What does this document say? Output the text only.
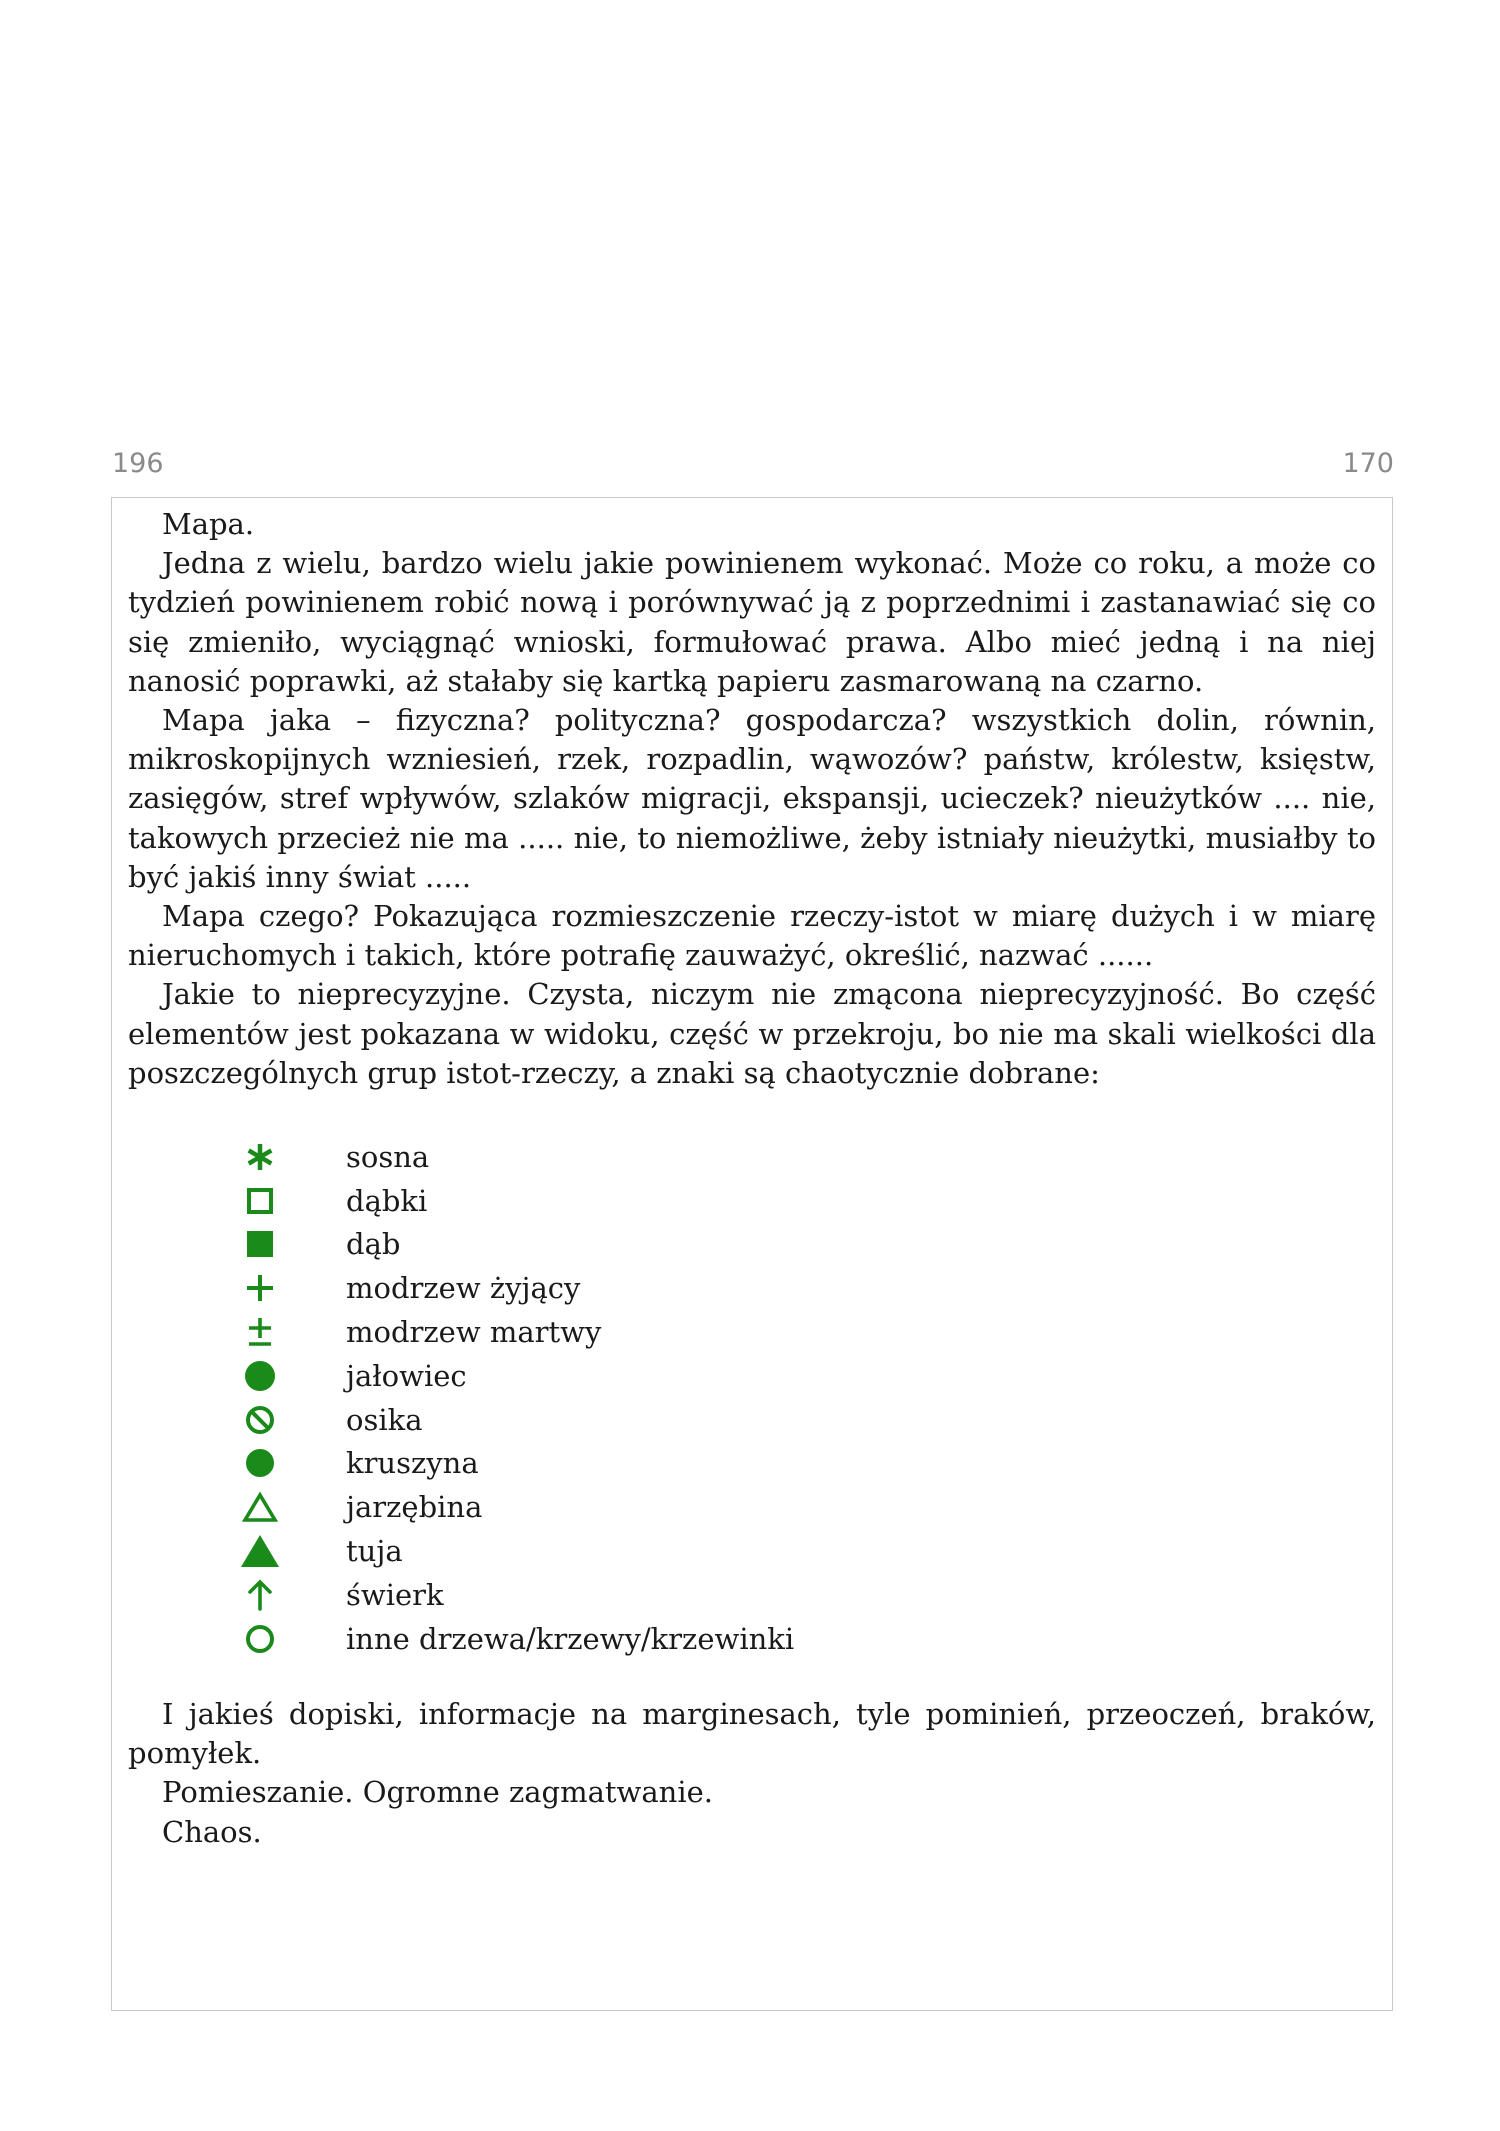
196	170

Mapa.

Jedna z wielu, bardzo wielu jakie powinienem wykonać. Może co roku, a może co tydzień powinienem robić nową i porównywać ją z poprzednimi i zastanawiać się co się zmieniło, wyciągnąć wnioski, formułować prawa. Albo mieć jedną i na niej nanosić poprawki, aż stałaby się kartką papieru zasmarowaną na czarno.

Mapa jaka – fizyczna? polityczna? gospodarcza? wszystkich dolin, równin, mikroskopijnych wzniesień, rzek, rozpadlin, wąwozów? państw, królestw, księstw, zasięgów, stref wpływów, szlaków migracji, ekspansji, ucieczek? nieużytków .... nie, takowych przecież nie ma ..... nie, to niemożliwe, żeby istniały nieużytki, musiałby to być jakiś inny świat .....

Mapa czego? Pokazująca rozmieszczenie rzeczy-istot w miarę dużych i w miarę nieruchomych i takich, które potrafię zauważyć, określić, nazwać ......

Jakie to nieprecyzyjne. Czysta, niczym nie zmącona nieprecyzyjność. Bo część elementów jest pokazana w widoku, część w przekroju, bo nie ma skali wielkości dla poszczególnych grup istot-rzeczy, a znaki są chaotycznie dobrane:

sosna
dąbki
dąb
modrzew żyjący
modrzew martwy
jałowiec
osika
kruszyna
jarzębina
tuja
świerk
inne drzewa/krzewy/krzewinki

I jakieś dopiski, informacje na marginesach, tyle pominień, przeoczeń, braków, pomyłek.

Pomieszanie. Ogromne zagmatwanie.

Chaos.
